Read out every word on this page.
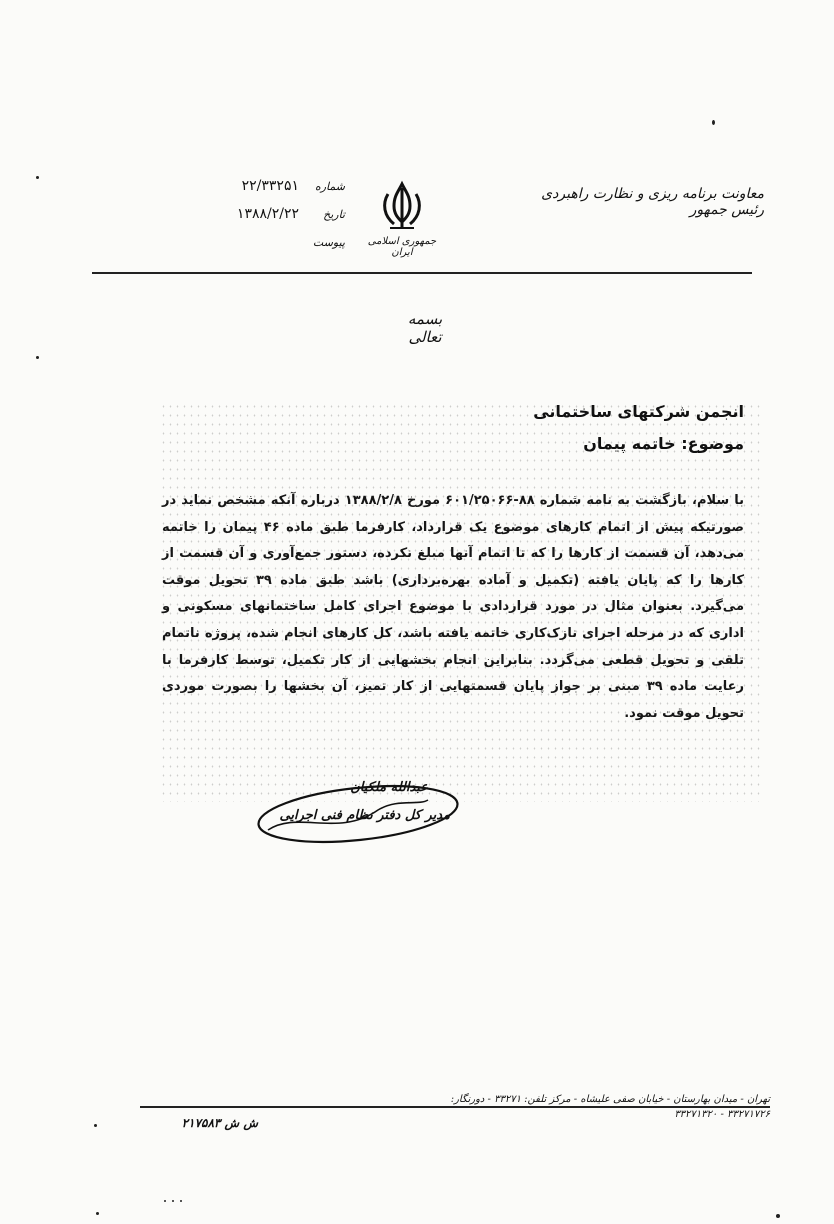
معاونت برنامه ریزی و نظارت راهبردی رئیس جمهور
جمهوری اسلامی ایران
شماره
۲۲/۳۳۲۵۱
تاریخ
۱۳۸۸/۲/۲۲
پیوست
بسمه تعالی
انجمن شرکتهای ساختمانی
موضوع: خاتمه پیمان
با سلام، بازگشت به نامه شماره ۸۸-۶۰۱/۲۵۰۶۶ مورخ ۱۳۸۸/۲/۸ درباره آنکه مشخص نماید در صورتیکه پیش از اتمام کارهای موضوع یک قرارداد، کارفرما طبق ماده ۴۶ پیمان را خاتمه می‌دهد، آن قسمت از کارها را که تا اتمام آنها مبلغ نکرده، دستور جمع‌آوری و آن قسمت از کارها را که پایان یافته (تکمیل و آماده بهره‌برداری) باشد طبق ماده ۳۹ تحویل موقت می‌گیرد. بعنوان مثال در مورد قراردادی با موضوع اجرای کامل ساختمانهای مسکونی و اداری که در مرحله اجرای نازک‌کاری خاتمه یافته باشد، کل کارهای انجام شده، پروژه ناتمام تلقی و تحویل قطعی می‌گردد. بنابراین انجام بخشهایی از کار تکمیل، توسط کارفرما با رعایت ماده ۳۹ مبنی بر جواز پایان قسمتهایی از کار تمیز، آن بخشها را بصورت موردی تحویل موقت نمود.
عبدالله ملکیان
مدیر کل دفتر نظام فنی اجرایی
تهران - میدان بهارستان - خیابان صفی علیشاه - مرکز تلفن: ۳۳۲۷۱ - دورنگار: ۳۳۲۷۱۷۲۶ - ۳۳۲۷۱۳۲۰
ش ش ۲۱۷۵۸۳
